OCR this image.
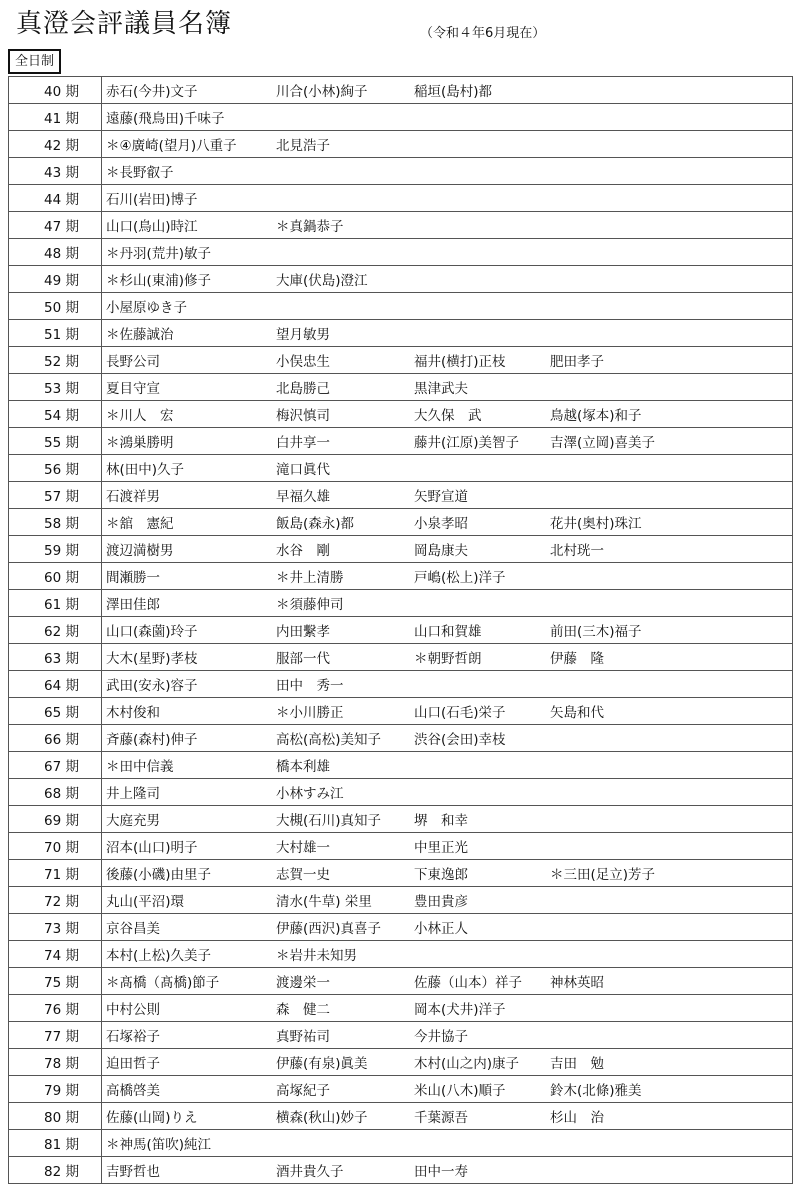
真澄会評議員名簿	（令和４年6月現在）
全日制
40 期	赤石(今井)文子	川合(小林)絢子	稲垣(島村)都	
41 期	遠藤(飛鳥田)千味子			
42 期	＊④廣崎(望月)八重子	北見浩子		
43 期	＊長野叡子			
44 期	石川(岩田)博子			
47 期	山口(鳥山)時江	＊真鍋恭子		
48 期	＊丹羽(荒井)敏子			
49 期	＊杉山(東浦)修子	大庫(伏島)澄江		
50 期	小屋原ゆき子			
51 期	＊佐藤誠治	望月敏男		
52 期	長野公司	小俣忠生	福井(横打)正枝	肥田孝子
53 期	夏目守宣	北島勝己	黒津武夫	
54 期	＊川人　宏	梅沢慎司	大久保　武	鳥越(塚本)和子
55 期	＊鴻巣勝明	白井享一	藤井(江原)美智子	吉澤(立岡)喜美子
56 期	林(田中)久子	滝口眞代		
57 期	石渡祥男	早福久雄	矢野宣道	
58 期	＊舘　憲紀	飯島(森永)都	小泉孝昭	花井(奥村)珠江
59 期	渡辺満樹男	水谷　剛	岡島康夫	北村珖一
60 期	間瀬勝一	＊井上清勝	戸嶋(松上)洋子	
61 期	澤田佳郎	＊須藤伸司		
62 期	山口(森薗)玲子	内田繫孝	山口和賀雄	前田(三木)福子
63 期	大木(星野)孝枝	服部一代	＊朝野哲朗	伊藤　隆
64 期	武田(安永)容子	田中　秀一		
65 期	木村俊和	＊小川勝正	山口(石毛)栄子	矢島和代
66 期	斉藤(森村)伸子	高松(高松)美知子	渋谷(会田)幸枝	
67 期	＊田中信義	橋本利雄		
68 期	井上隆司	小林すみ江		
69 期	大庭充男	大槻(石川)真知子	堺　和幸	
70 期	沼本(山口)明子	大村雄一	中里正光	
71 期	後藤(小磯)由里子	志賀一史	下東逸郎	＊三田(足立)芳子
72 期	丸山(平沼)環	清水(牛草) 栄里	豊田貴彦	
73 期	京谷昌美	伊藤(西沢)真喜子	小林正人	
74 期	本村(上松)久美子	＊岩井未知男		
75 期	＊髙橋（髙橋)節子	渡邊栄一	佐藤（山本）祥子	神林英昭
76 期	中村公則	森　健二	岡本(犬井)洋子	
77 期	石塚裕子	真野祐司	今井協子	
78 期	迫田哲子	伊藤(有泉)眞美	木村(山之内)康子	吉田　勉
79 期	高橋啓美	高塚紀子	米山(八木)順子	鈴木(北條)雅美
80 期	佐藤(山岡)りえ	横森(秋山)妙子	千葉源吾	杉山　治
81 期	＊神馬(笛吹)純江			
82 期	吉野哲也	酒井貴久子	田中一寿	
